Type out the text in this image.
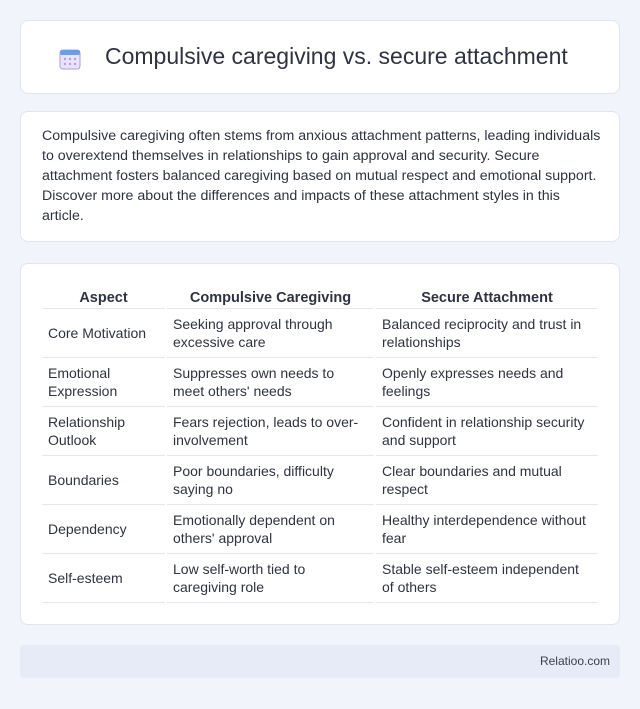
Compulsive caregiving vs. secure attachment

Compulsive caregiving often stems from anxious attachment patterns, leading individuals to overextend themselves in relationships to gain approval and security. Secure attachment fosters balanced caregiving based on mutual respect and emotional support. Discover more about the differences and impacts of these attachment styles in this article.

Aspect	Compulsive Caregiving	Secure Attachment
Core Motivation	Seeking approval through excessive care	Balanced reciprocity and trust in relationships
Emotional Expression	Suppresses own needs to meet others' needs	Openly expresses needs and feelings
Relationship Outlook	Fears rejection, leads to over-involvement	Confident in relationship security and support
Boundaries	Poor boundaries, difficulty saying no	Clear boundaries and mutual respect
Dependency	Emotionally dependent on others' approval	Healthy interdependence without fear
Self-esteem	Low self-worth tied to caregiving role	Stable self-esteem independent of others
Relatioo.com
